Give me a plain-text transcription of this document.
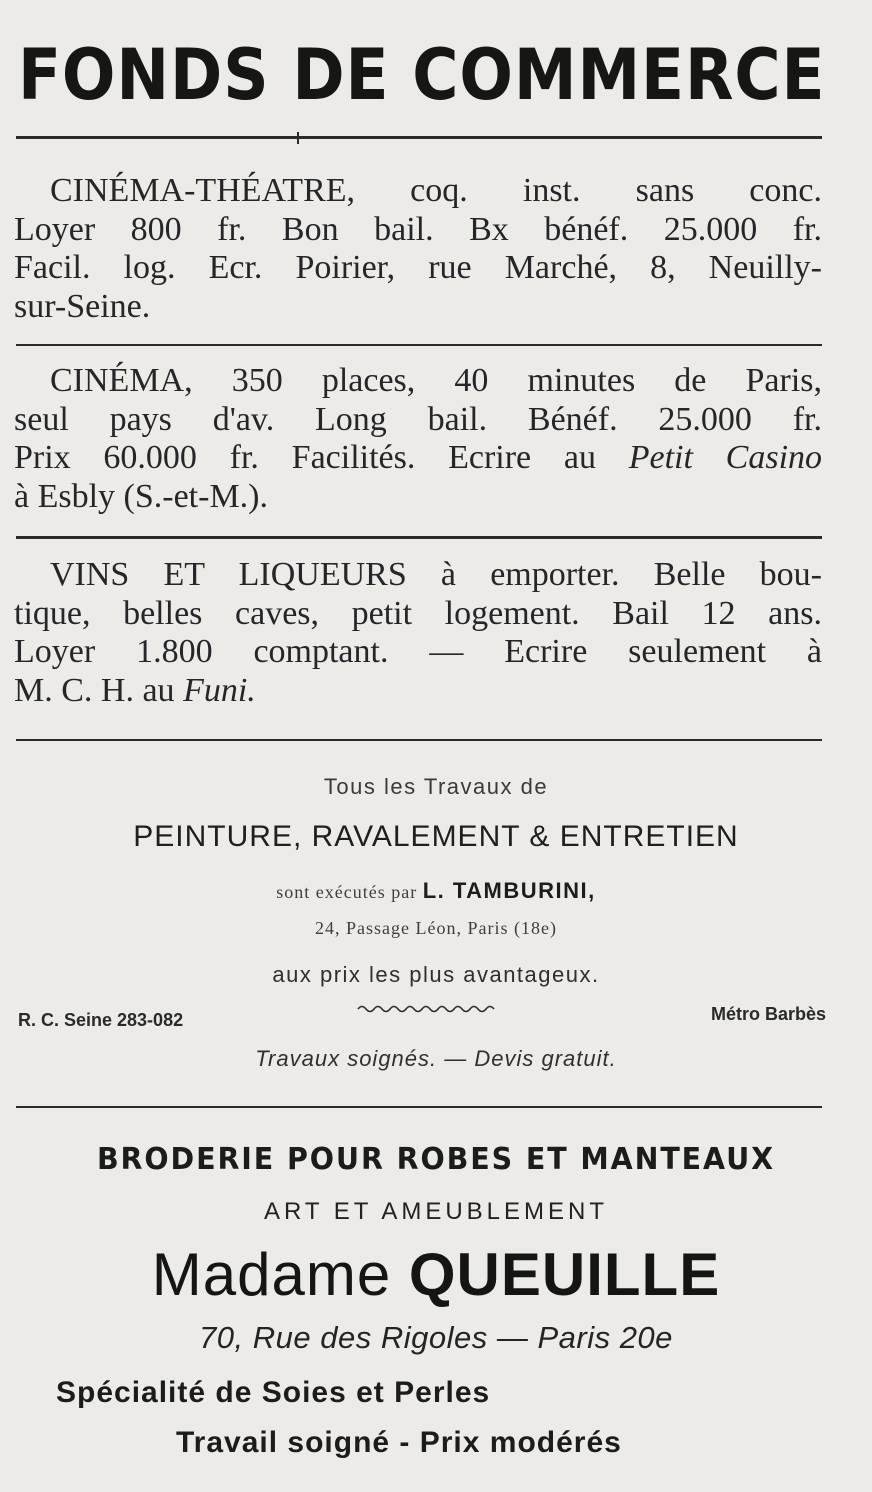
FONDS DE COMMERCE
CINÉMA-THÉATRE, coq. inst. sans conc.
Loyer 800 fr. Bon bail. Bx bénéf. 25.000 fr.
Facil. log. Ecr. Poirier, rue Marché, 8, Neuilly-
sur-Seine.
CINÉMA, 350 places, 40 minutes de Paris,
seul pays d'av. Long bail. Bénéf. 25.000 fr.
Prix 60.000 fr. Facilités. Ecrire au Petit Casino
à Esbly (S.-et-M.).
VINS ET LIQUEURS à emporter. Belle bou-
tique, belles caves, petit logement. Bail 12 ans.
Loyer 1.800 comptant. — Ecrire seulement à
M. C. H. au Funi.
Tous les Travaux de
PEINTURE, RAVALEMENT & ENTRETIEN
sont exécutés par L. TAMBURINI,
24, Passage Léon, Paris (18e)
aux prix les plus avantageux.
R. C. Seine 283-082	Métro Barbès
Travaux soignés. — Devis gratuit.
BRODERIE POUR ROBES ET MANTEAUX
ART ET AMEUBLEMENT
Madame QUEUILLE
70, Rue des Rigoles — Paris 20e
Spécialité de Soies et Perles
Travail soigné - Prix modérés
